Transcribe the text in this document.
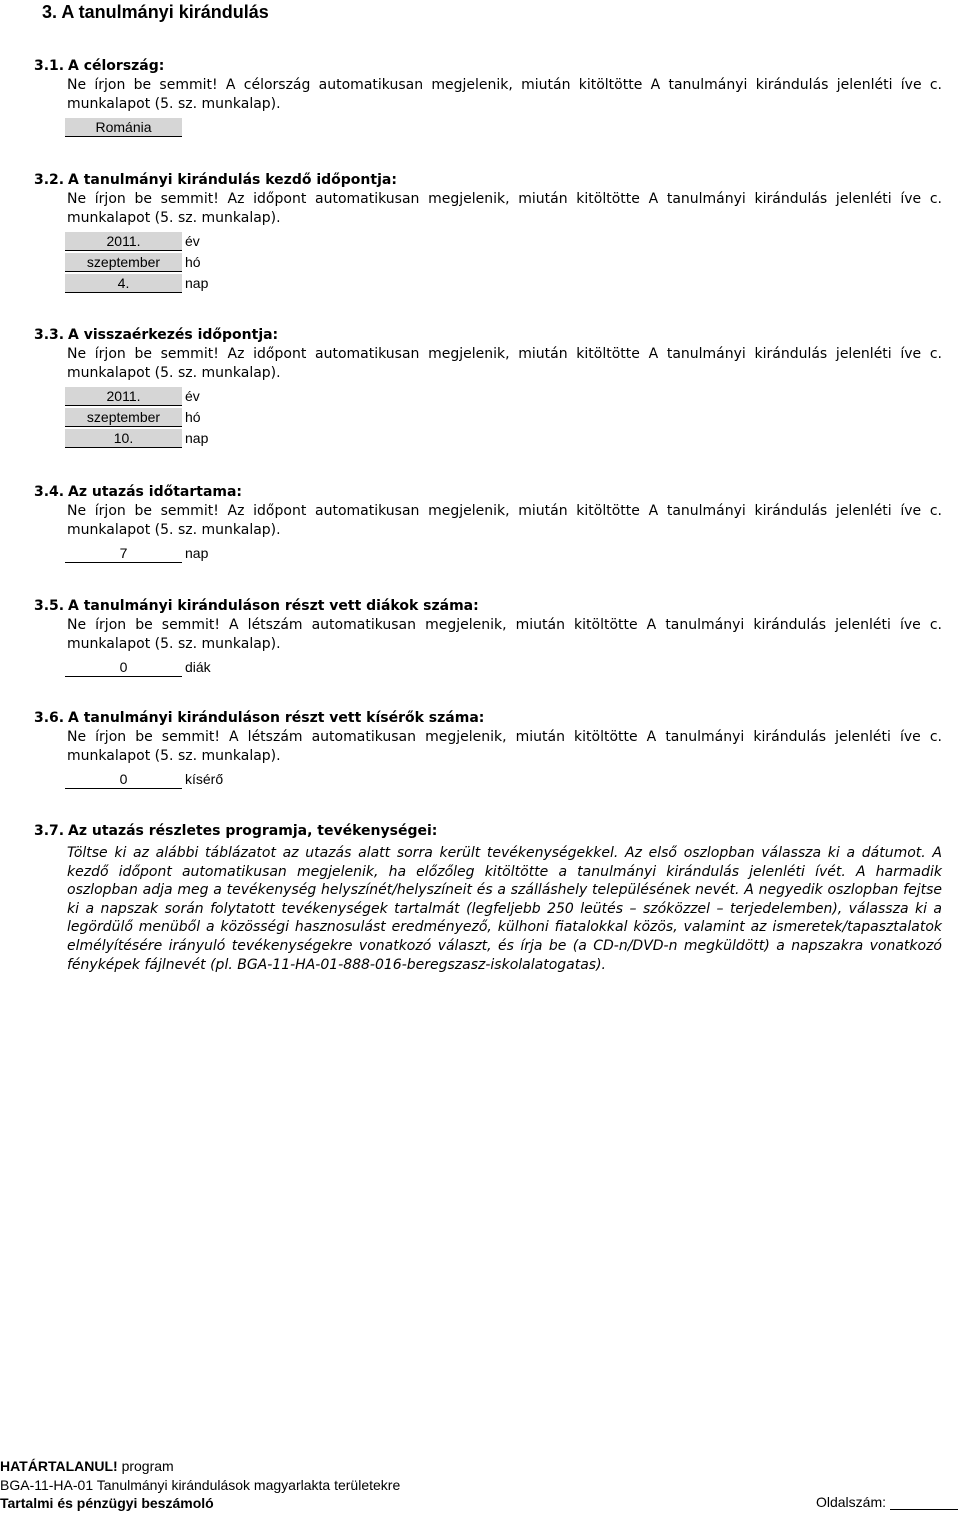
3. A tanulmányi kirándulás
3.1. A célország:
Ne írjon be semmit! A célország automatikusan megjelenik, miután kitöltötte A tanulmányi kirándulás jelenléti íve c.
munkalapot (5. sz. munkalap).
Románia
3.2. A tanulmányi kirándulás kezdő időpontja:
Ne írjon be semmit! Az időpont automatikusan megjelenik, miután kitöltötte A tanulmányi kirándulás jelenléti íve c.
munkalapot (5. sz. munkalap).
2011.	év
szeptember	hó
4.	nap
3.3. A visszaérkezés időpontja:
Ne írjon be semmit! Az időpont automatikusan megjelenik, miután kitöltötte A tanulmányi kirándulás jelenléti íve c.
munkalapot (5. sz. munkalap).
2011.	év
szeptember	hó
10.	nap
3.4. Az utazás időtartama:
Ne írjon be semmit! Az időpont automatikusan megjelenik, miután kitöltötte A tanulmányi kirándulás jelenléti íve c.
munkalapot (5. sz. munkalap).
7	nap
3.5. A tanulmányi kiránduláson részt vett diákok száma:
Ne írjon be semmit! A létszám automatikusan megjelenik, miután kitöltötte A tanulmányi kirándulás jelenléti íve c.
munkalapot (5. sz. munkalap).
0	diák
3.6. A tanulmányi kiránduláson részt vett kísérők száma:
Ne írjon be semmit! A létszám automatikusan megjelenik, miután kitöltötte A tanulmányi kirándulás jelenléti íve c.
munkalapot (5. sz. munkalap).
0	kísérő
3.7. Az utazás részletes programja, tevékenységei:
Töltse ki az alábbi táblázatot az utazás alatt sorra került tevékenységekkel. Az első oszlopban válassza ki a dátumot. A kezdő időpont automatikusan megjelenik, ha előzőleg kitöltötte a tanulmányi kirándulás jelenléti ívét. A harmadik oszlopban adja meg a tevékenység helyszínét/helyszíneit és a szálláshely településének nevét. A negyedik oszlopban fejtse ki a napszak során folytatott tevékenységek tartalmát (legfeljebb 250 leütés – szóközzel – terjedelemben), válassza ki a legördülő menüből a közösségi hasznosulást eredményező, külhoni fiatalokkal közös, valamint az ismeretek/tapasztalatok elmélyítésére irányuló tevékenységekre vonatkozó választ, és írja be (a CD-n/DVD-n megküldött) a napszakra vonatkozó fényképek fájlnevét (pl. BGA-11-HA-01-888-016-beregszasz-iskolalatogatas).
HATÁRTALANUL! program
BGA-11-HA-01 Tanulmányi kirándulások magyarlakta területekre
Tartalmi és pénzügyi beszámoló	Oldalszám:
